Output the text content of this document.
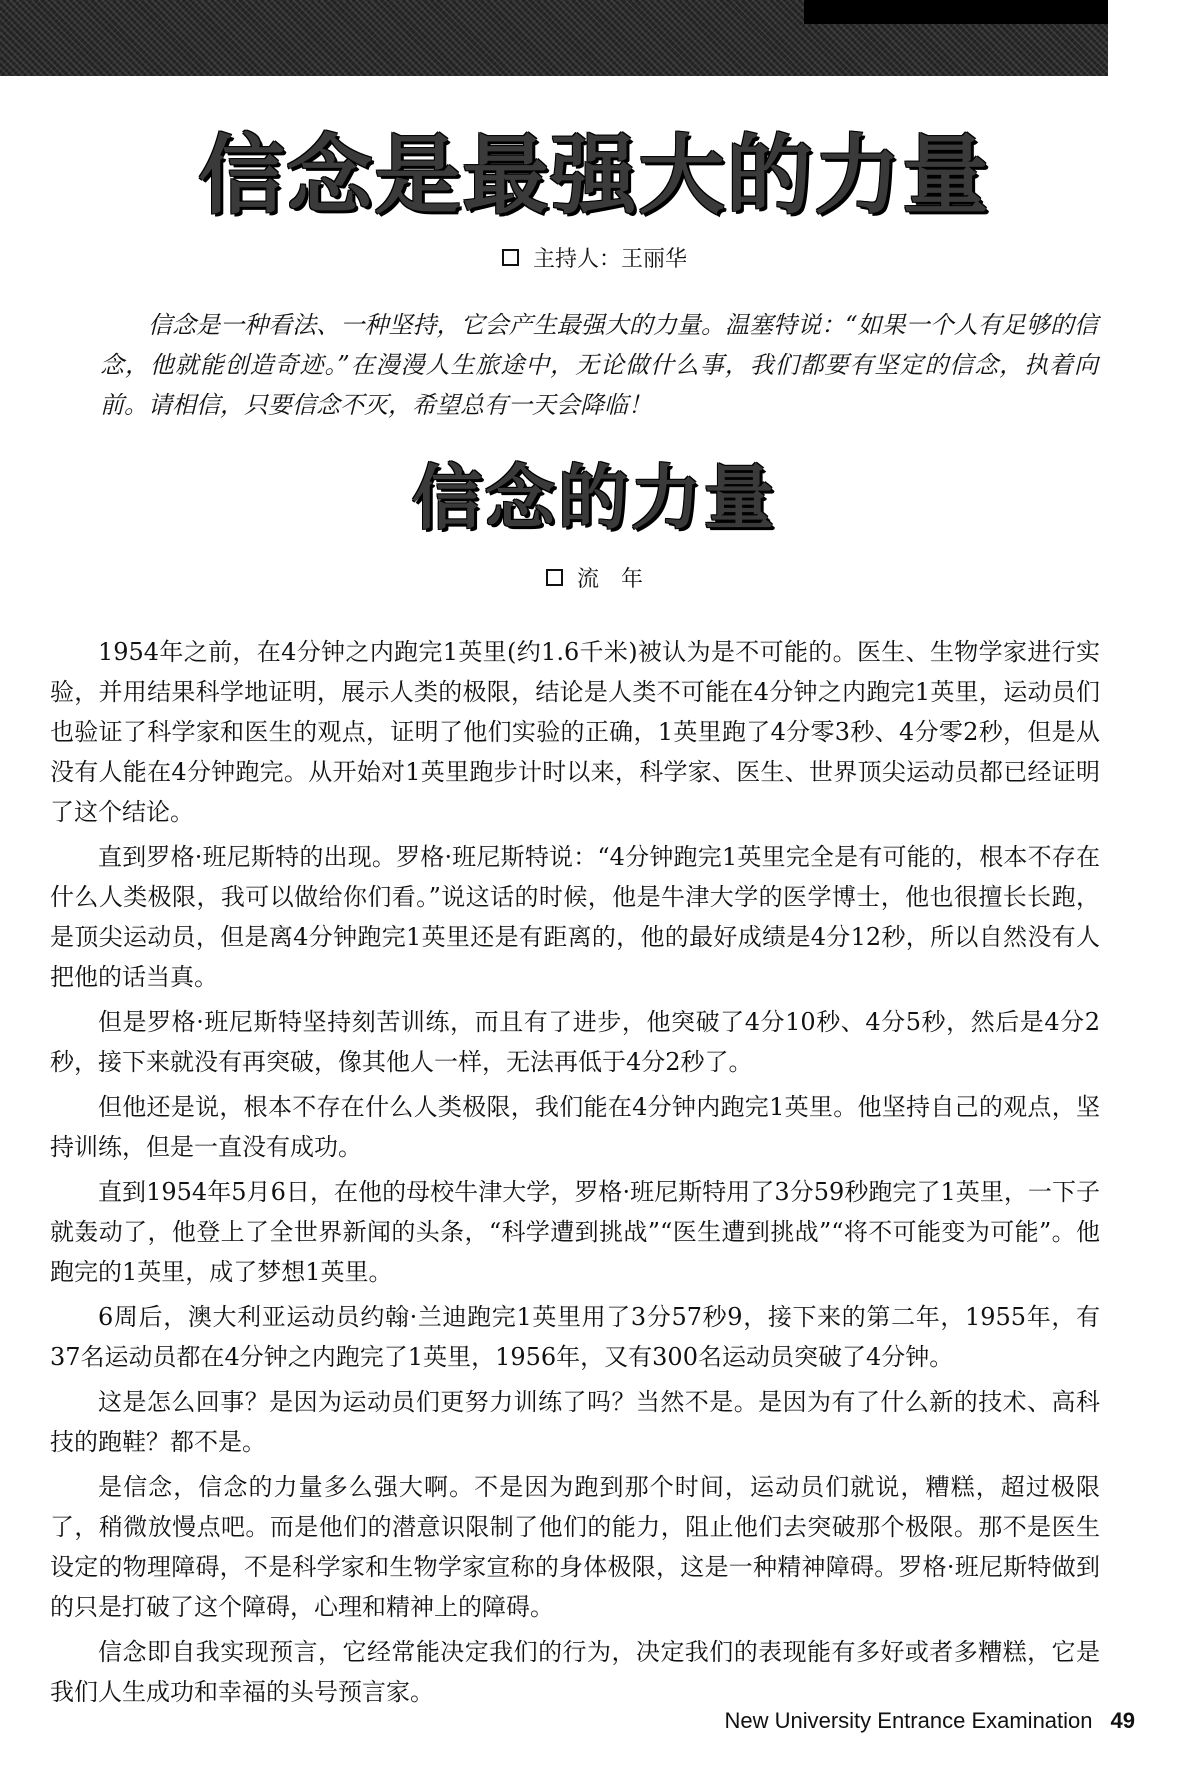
信念是最强大的力量
主持人：王丽华

信念是一种看法、一种坚持，它会产生最强大的力量。温塞特说：“如果一个人有足够的信念，他就能创造奇迹。”在漫漫人生旅途中，无论做什么事，我们都要有坚定的信念，执着向前。请相信，只要信念不灭，希望总有一天会降临！

信念的力量
流　年

1954年之前，在4分钟之内跑完1英里(约1.6千米)被认为是不可能的。医生、生物学家进行实验，并用结果科学地证明，展示人类的极限，结论是人类不可能在4分钟之内跑完1英里，运动员们也验证了科学家和医生的观点，证明了他们实验的正确，1英里跑了4分零3秒、4分零2秒，但是从没有人能在4分钟跑完。从开始对1英里跑步计时以来，科学家、医生、世界顶尖运动员都已经证明了这个结论。

直到罗格·班尼斯特的出现。罗格·班尼斯特说：“4分钟跑完1英里完全是有可能的，根本不存在什么人类极限，我可以做给你们看。”说这话的时候，他是牛津大学的医学博士，他也很擅长长跑，是顶尖运动员，但是离4分钟跑完1英里还是有距离的，他的最好成绩是4分12秒，所以自然没有人把他的话当真。

但是罗格·班尼斯特坚持刻苦训练，而且有了进步，他突破了4分10秒、4分5秒，然后是4分2秒，接下来就没有再突破，像其他人一样，无法再低于4分2秒了。

但他还是说，根本不存在什么人类极限，我们能在4分钟内跑完1英里。他坚持自己的观点，坚持训练，但是一直没有成功。

直到1954年5月6日，在他的母校牛津大学，罗格·班尼斯特用了3分59秒跑完了1英里，一下子就轰动了，他登上了全世界新闻的头条，“科学遭到挑战”“医生遭到挑战”“将不可能变为可能”。他跑完的1英里，成了梦想1英里。

6周后，澳大利亚运动员约翰·兰迪跑完1英里用了3分57秒9，接下来的第二年，1955年，有37名运动员都在4分钟之内跑完了1英里，1956年，又有300名运动员突破了4分钟。

这是怎么回事？是因为运动员们更努力训练了吗？当然不是。是因为有了什么新的技术、高科技的跑鞋？都不是。

是信念，信念的力量多么强大啊。不是因为跑到那个时间，运动员们就说，糟糕，超过极限了，稍微放慢点吧。而是他们的潜意识限制了他们的能力，阻止他们去突破那个极限。那不是医生设定的物理障碍，不是科学家和生物学家宣称的身体极限，这是一种精神障碍。罗格·班尼斯特做到的只是打破了这个障碍，心理和精神上的障碍。

信念即自我实现预言，它经常能决定我们的行为，决定我们的表现能有多好或者多糟糕，它是我们人生成功和幸福的头号预言家。

New University Entrance Examination 49
